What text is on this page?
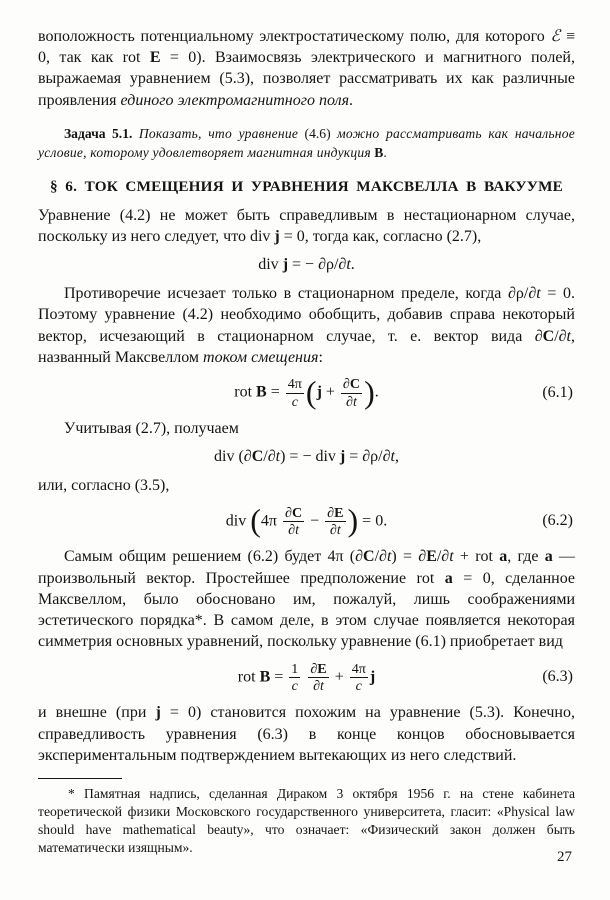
воположность потенциальному электростатическому полю, для которого ℰ ≡ 0, так как rot E = 0). Взаимосвязь электрического и магнитного полей, выражаемая уравнением (5.3), позволяет рассматривать их как различные проявления единого электромагнитного поля.

Задача 5.1. Показать, что уравнение (4.6) можно рассматривать как начальное условие, которому удовлетворяет магнитная индукция B.

§ 6. ТОК СМЕЩЕНИЯ И УРАВНЕНИЯ МАКСВЕЛЛА В ВАКУУМЕ

Уравнение (4.2) не может быть справедливым в нестационарном случае, поскольку из него следует, что div j = 0, тогда как, согласно (2.7),

div j = − ∂ρ/∂t.

Противоречие исчезает только в стационарном пределе, когда ∂ρ/∂t = 0. Поэтому уравнение (4.2) необходимо обобщить, добавив справа некоторый вектор, исчезающий в стационарном случае, т. е. вектор вида ∂C/∂t, названный Максвеллом током смещения:

rot $B = \frac{4\pi}{c} (j + \frac{\partial C}{\partial t}$ ).	(6.1)

Учитывая (2.7), получаем

div (∂C/∂t) = − div j = ∂ρ/∂t,

или, согласно (3.5),

div ($4\pi \frac{\partial C}{\partial t} - \frac{\partial E}{\partial t}$ ) = 0.	(6.2)

Самым общим решением (6.2) будет 4π (∂C/∂t) = ∂E/∂t + rot a, где a — произвольный вектор. Простейшее предположение rot a = 0, сделанное Максвеллом, было обосновано им, пожалуй, лишь соображениями эстетического порядка*. В самом деле, в этом случае появляется некоторая симметрия основных уравнений, поскольку уравнение (6.1) приобретает вид

rot $B = \frac{1}{c}$
$\frac{\partial E}{\partial t} + \frac{4\pi}{c}$ j	(6.3)

и внешне (при j = 0) становится похожим на уравнение (5.3). Конечно, справедливость уравнения (6.3) в конце концов обосновывается экспериментальным подтверждением вытекающих из него следствий.

* Памятная надпись, сделанная Дираком 3 октября 1956 г. на стене кабинета теоретической физики Московского государственного университета, гласит: «Physical law should have mathematical beauty», что означает: «Физический закон должен быть математически изящным».

27
